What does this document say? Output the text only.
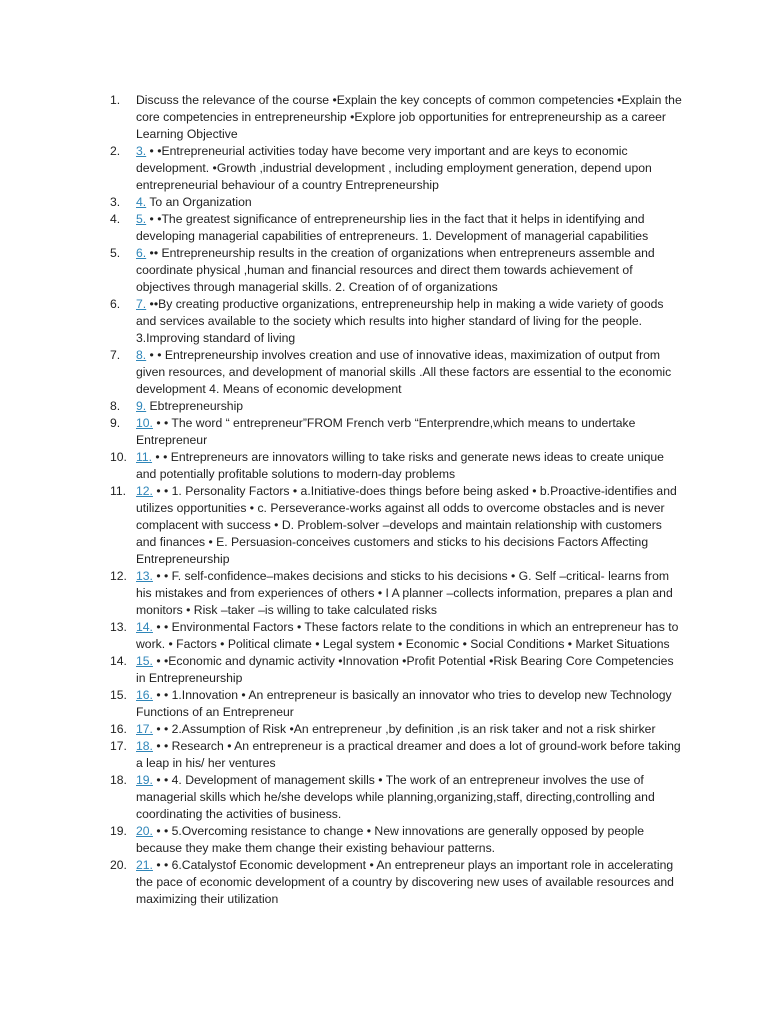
1.	Discuss the relevance of the course •Explain the key concepts of common competencies •Explain the core competencies in entrepreneurship •Explore job opportunities for entrepreneurship as a career Learning Objective
2.	3. • •Entrepreneurial activities today have become very important and are keys to economic development. •Growth ,industrial development , including employment generation, depend upon entrepreneurial behaviour of a country Entrepreneurship
3.	4. To an Organization
4.	5. • •The greatest significance of entrepreneurship lies in the fact that it helps in identifying and developing managerial capabilities of entrepreneurs. 1. Development of managerial capabilities
5.	6. •• Entrepreneurship results in the creation of organizations when entrepreneurs assemble and coordinate physical ,human and financial resources and direct them towards achievement of objectives through managerial skills. 2. Creation of of organizations
6.	7. ••By creating productive organizations, entrepreneurship help in making a wide variety of goods and services available to the society which results into higher standard of living for the people. 3.Improving standard of living
7.	8. • • Entrepreneurship involves creation and use of innovative ideas, maximization of output from given resources, and development of manorial skills .All these factors are essential to the economic development 4. Means of economic development
8.	9. Ebtrepreneurship
9.	10. • • The word “ entrepreneur”FROM French verb “Enterprendre,which means to undertake Entrepreneur
10. 11. • • Entrepreneurs are innovators willing to take risks and generate news ideas to create unique and potentially profitable solutions to modern-day problems
11. 12. • • 1. Personality Factors • a.Initiative-does things before being asked • b.Proactive-identifies and utilizes opportunities • c. Perseverance-works against all odds to overcome obstacles and is never complacent with success • D. Problem-solver –develops and maintain relationship with customers and finances • E. Persuasion-conceives customers and sticks to his decisions Factors Affecting Entrepreneurship
12. 13. • • F. self-confidence–makes decisions and sticks to his decisions • G. Self –critical- learns from his mistakes and from experiences of others • I A planner –collects information, prepares a plan and monitors • Risk –taker –is willing to take calculated risks
13. 14. • • Environmental Factors • These factors relate to the conditions in which an entrepreneur has to work. • Factors • Political climate • Legal system • Economic • Social Conditions • Market Situations
14. 15. • •Economic and dynamic activity •Innovation •Profit Potential •Risk Bearing Core Competencies in Entrepreneurship
15. 16. • • 1.Innovation • An entrepreneur is basically an innovator who tries to develop new Technology Functions of an Entrepreneur
16. 17. • • 2.Assumption of Risk •An entrepreneur ,by definition ,is an risk taker and not a risk shirker
17. 18. • • Research • An entrepreneur is a practical dreamer and does a lot of ground-work before taking a leap in his/ her ventures
18. 19. • • 4. Development of management skills • The work of an entrepreneur involves the use of managerial skills which he/she develops while planning,organizing,staff, directing,controlling and coordinating the activities of business.
19. 20. • • 5.Overcoming resistance to change • New innovations are generally opposed by people because they make them change their existing behaviour patterns.
20. 21. • • 6.Catalystof Economic development • An entrepreneur plays an important role in accelerating the pace of economic development of a country by discovering new uses of available resources and maximizing their utilization
